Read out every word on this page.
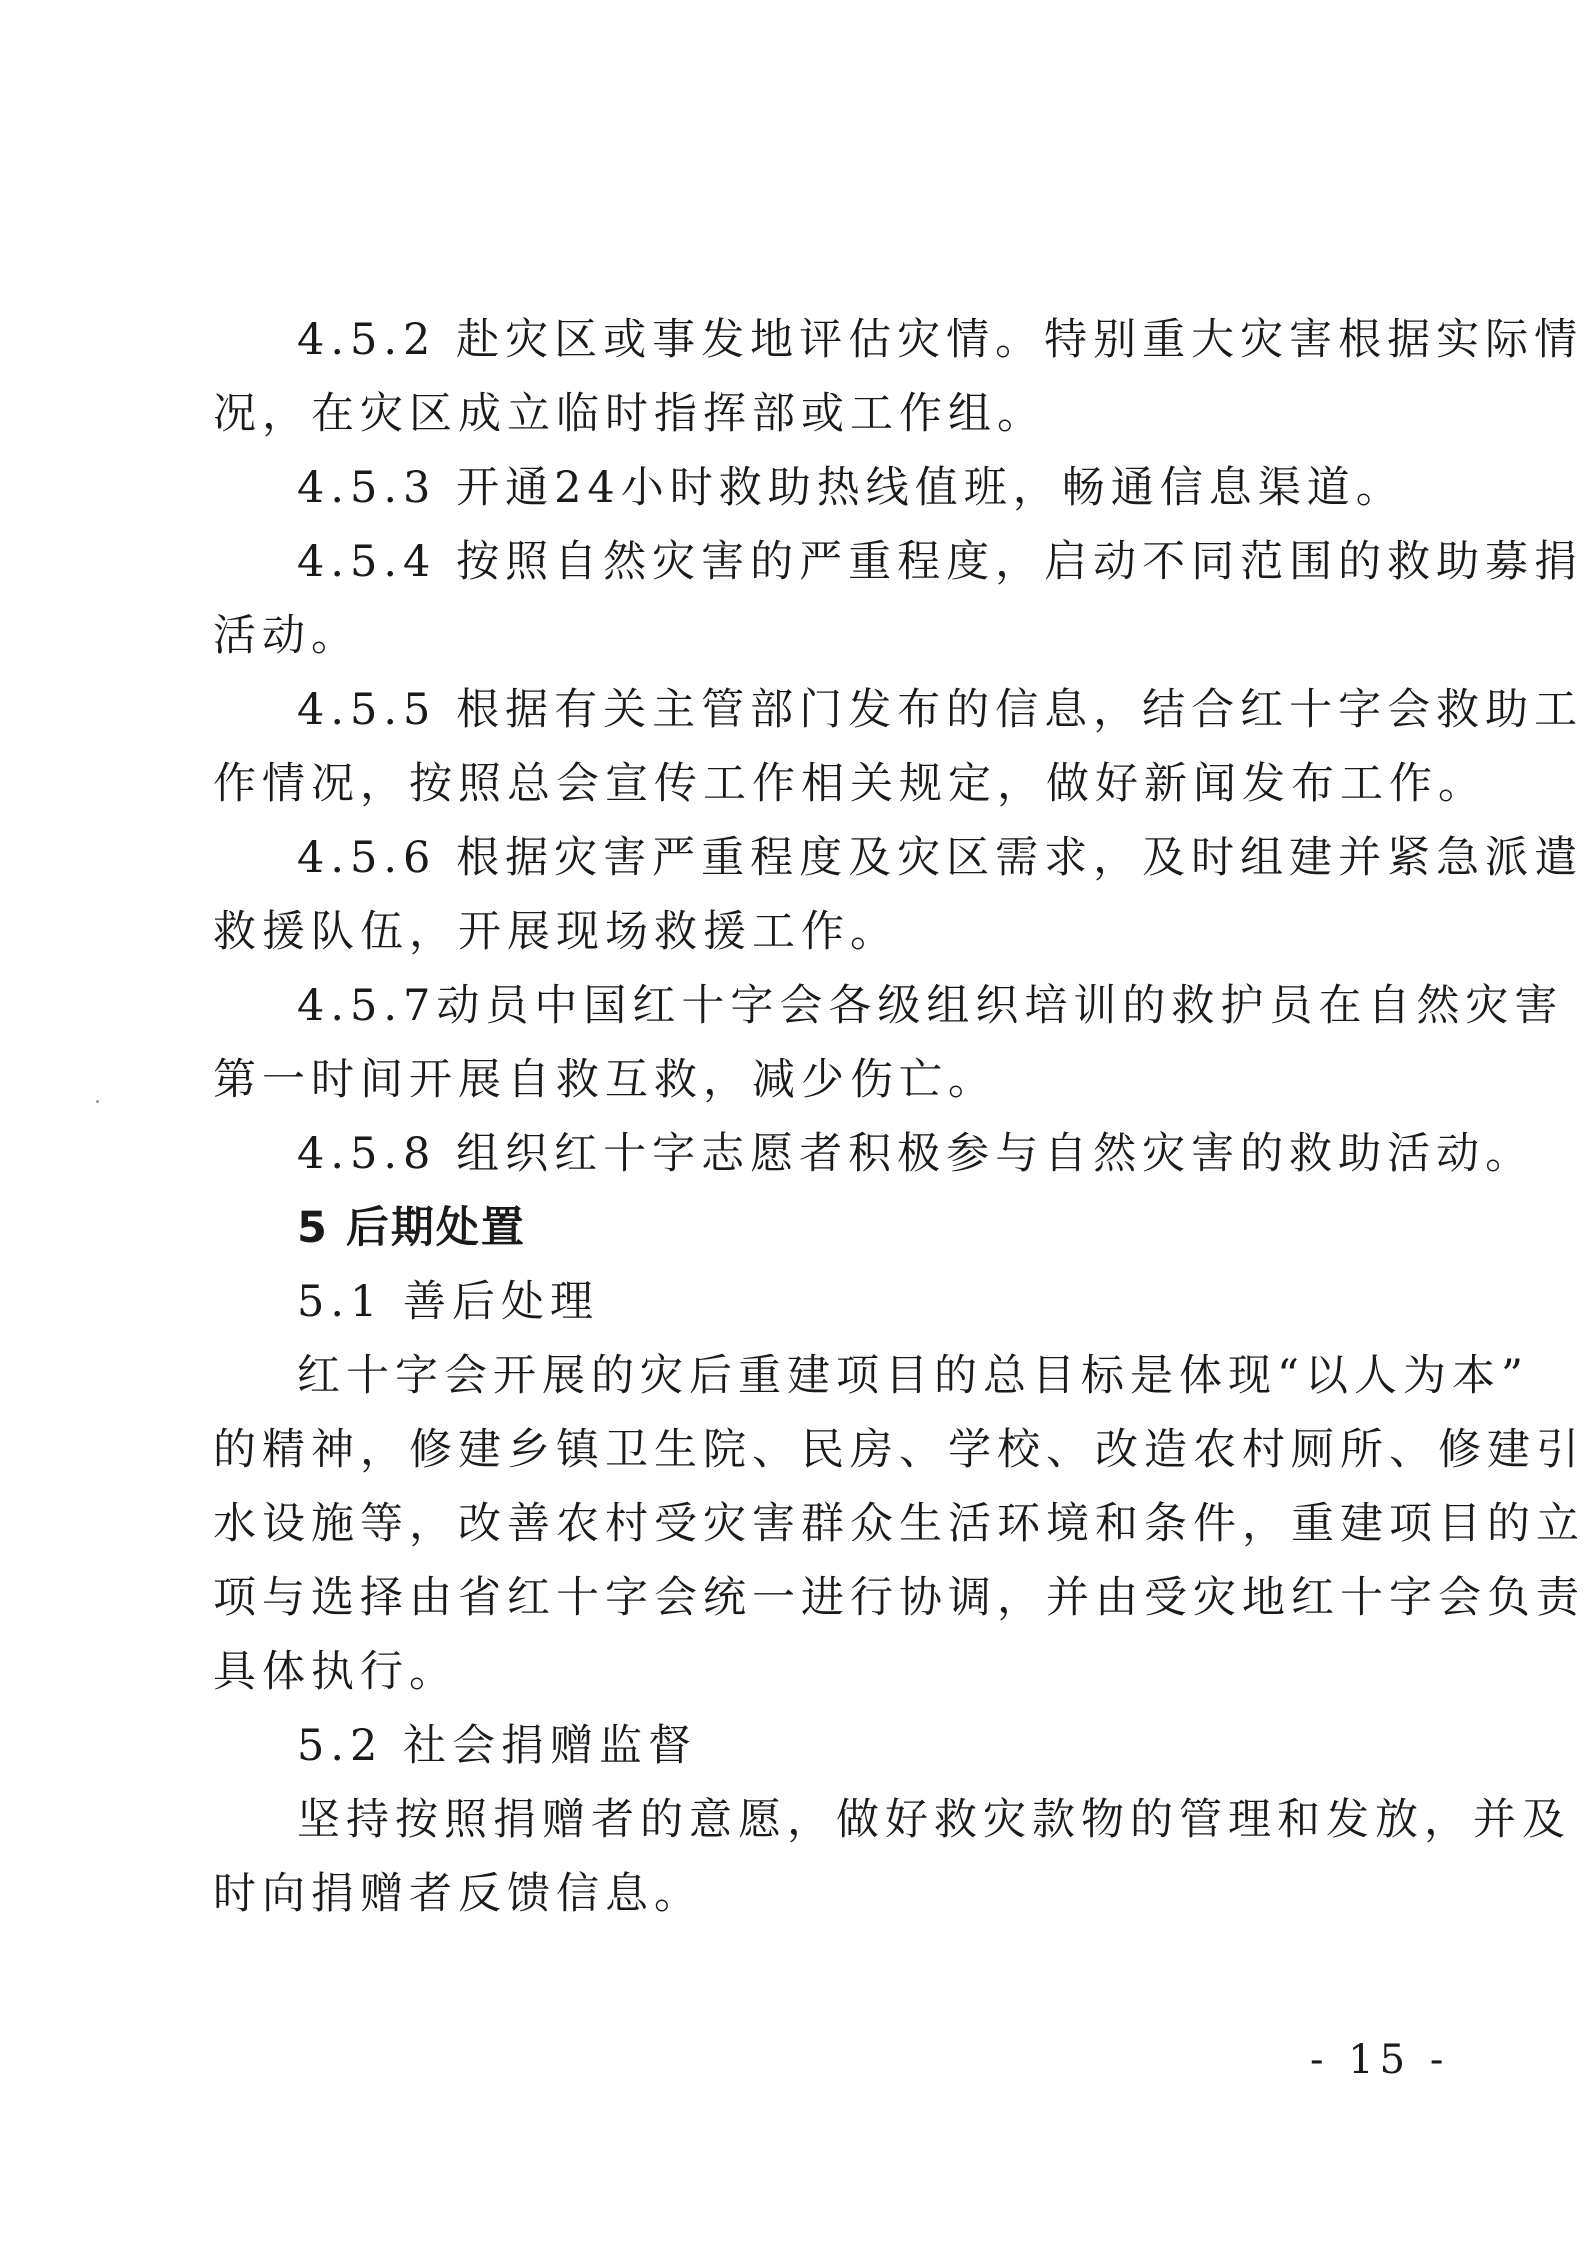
4.5.2 赴灾区或事发地评估灾情。特别重大灾害根据实际情
况，在灾区成立临时指挥部或工作组。
4.5.3 开通24小时救助热线值班，畅通信息渠道。
4.5.4 按照自然灾害的严重程度，启动不同范围的救助募捐
活动。
4.5.5 根据有关主管部门发布的信息，结合红十字会救助工
作情况，按照总会宣传工作相关规定，做好新闻发布工作。
4.5.6 根据灾害严重程度及灾区需求，及时组建并紧急派遣
救援队伍，开展现场救援工作。
4.5.7动员中国红十字会各级组织培训的救护员在自然灾害
第一时间开展自救互救，减少伤亡。
4.5.8 组织红十字志愿者积极参与自然灾害的救助活动。
5 后期处置
5.1 善后处理
红十字会开展的灾后重建项目的总目标是体现“以人为本”
的精神，修建乡镇卫生院、民房、学校、改造农村厕所、修建引
水设施等，改善农村受灾害群众生活环境和条件，重建项目的立
项与选择由省红十字会统一进行协调，并由受灾地红十字会负责
具体执行。
5.2 社会捐赠监督
坚持按照捐赠者的意愿，做好救灾款物的管理和发放，并及
时向捐赠者反馈信息。
- 15 -
